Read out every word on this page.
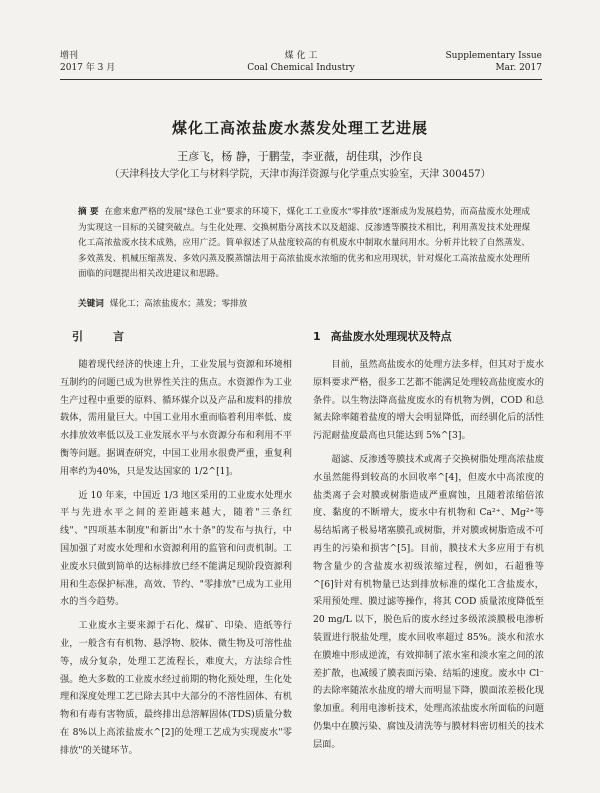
增刊
2017 年 3 月
煤 化 工
Coal Chemical Industry
Supplementary Issue
Mar. 2017
煤化工高浓盐废水蒸发处理工艺进展
王彦飞，杨 静，于鹏莹，李亚薇，胡佳琪，沙作良
（天津科技大学化工与材料学院，天津市海洋资源与化学重点实验室，天津 300457）
摘 要 在愈来愈严格的发展"绿色工业"要求的环境下，煤化工工业废水"零排放"逐渐成为发展趋势，而高盐废水处理成为实现这一目标的关键突破点。与生化处理、交换树脂分离技术以及超滤、反渗透等膜技术相比，利用蒸发技术处理煤化工高浓盐废水技术成熟，应用广泛。简单叙述了从盐度较高的有机废水中制取水量问用水。分析并比较了自然蒸发、多效蒸发、机械压缩蒸发、多效闪蒸及膜蒸馏法用于高浓盐废水浓缩的优劣和应用现状，针对煤化工高浓盐废水处理所面临的问题提出相关改进建议和思路。
关键词 煤化工；高浓盐废水；蒸发；零排放
引言

随着现代经济的快速上升，工业发展与资源和环境相互制约的问题已成为世界性关注的焦点。水资源作为工业生产过程中重要的原料、循环媒介以及产品和废料的排放载体，需用量巨大。中国工业用水重而临着利用率低、废水排放效率低以及工业发展水平与水资源分布和利用不平衡等问题。据调查研究，中国工业用水很费严重，重复利用率约为40%，只是发达国家的 1/2^[1]。

近 10 年来，中国近 1/3 地区采用的工业废水处理水平与先进水平之间的差距越来越大，随着"三条红线"、"四项基本制度"和新出"水十条"的发布与执行，中国加强了对废水处理和水资源利用的监管和问责机制。工业废水只做到简单的达标排放已经不能满足现阶段资源利用和生态保护标准，高效、节约、"零排放"已成为工业用水的当今趋势。

工业废水主要来源于石化、煤矿、印染、造纸等行业，一般含有有机物、悬浮物、胶体、微生物及可溶性盐等，成分复杂，处理工艺流程长，难度大，方法综合性强。绝大多数的工业废水经过前期的物化预处理，生化处理和深度处理工艺已除去其中大部分的不溶性固体、有机物和有毒有害物质，最终排出总溶解固体(TDS)质量分数在 8%以上高浓盐废水^[2]的处理工艺成为实现废水"零排放"的关键环节。

1 高盐废水处理现状及特点

目前，虽然高盐废水的处理方法多样，但其对于废水原料要求严格，很多工艺都不能满足处理较高盐度废水的条件。以生物法降高盐度废水的有机物为例，COD 和总氮去除率随着盐度的增大会明显降低，而经驯化后的活性污泥耐盐度最高也只能达到 5%^[3]。

超滤、反渗透等膜技术或离子交换树脂处理高浓盐废水虽然能得到较高的水回收率^[4]，但废水中高浓度的盐类离子会对膜或树脂造成严重腐蚀，且随着浓缩倍浓度、黏度的不断增大，废水中有机物和 Ca²⁺、Mg²⁺等易结垢离子极易堵塞膜孔或树脂，并对膜或树脂造成不可再生的污染和损害^[5]。目前，膜技术大多应用于有机物含量少的含盐废水初级浓缩过程，例如，石超雅等^[6]针对有机物量已达到排放标准的煤化工含盐废水，采用预处理、膜过滤等操作，将其 COD 质量浓度降低至 20 mg/L 以下，脱色后的废水经过多级浓淡膜极电渗析装置进行脱盐处理，废水回收率超过 85%。淡水和浓水在膜堆中形成逆流，有效抑制了浓水室和淡水室之间的浓差扩散，也减缓了膜表面污染、结垢的速度。废水中 Cl⁻的去除率随浓水盐度的增大而明显下降，膜面浓差极化现象加重。利用电渗析技术，处理高浓盐废水所面临的问题仍集中在膜污染、腐蚀及清洗等与膜材料密切相关的技术层面。
